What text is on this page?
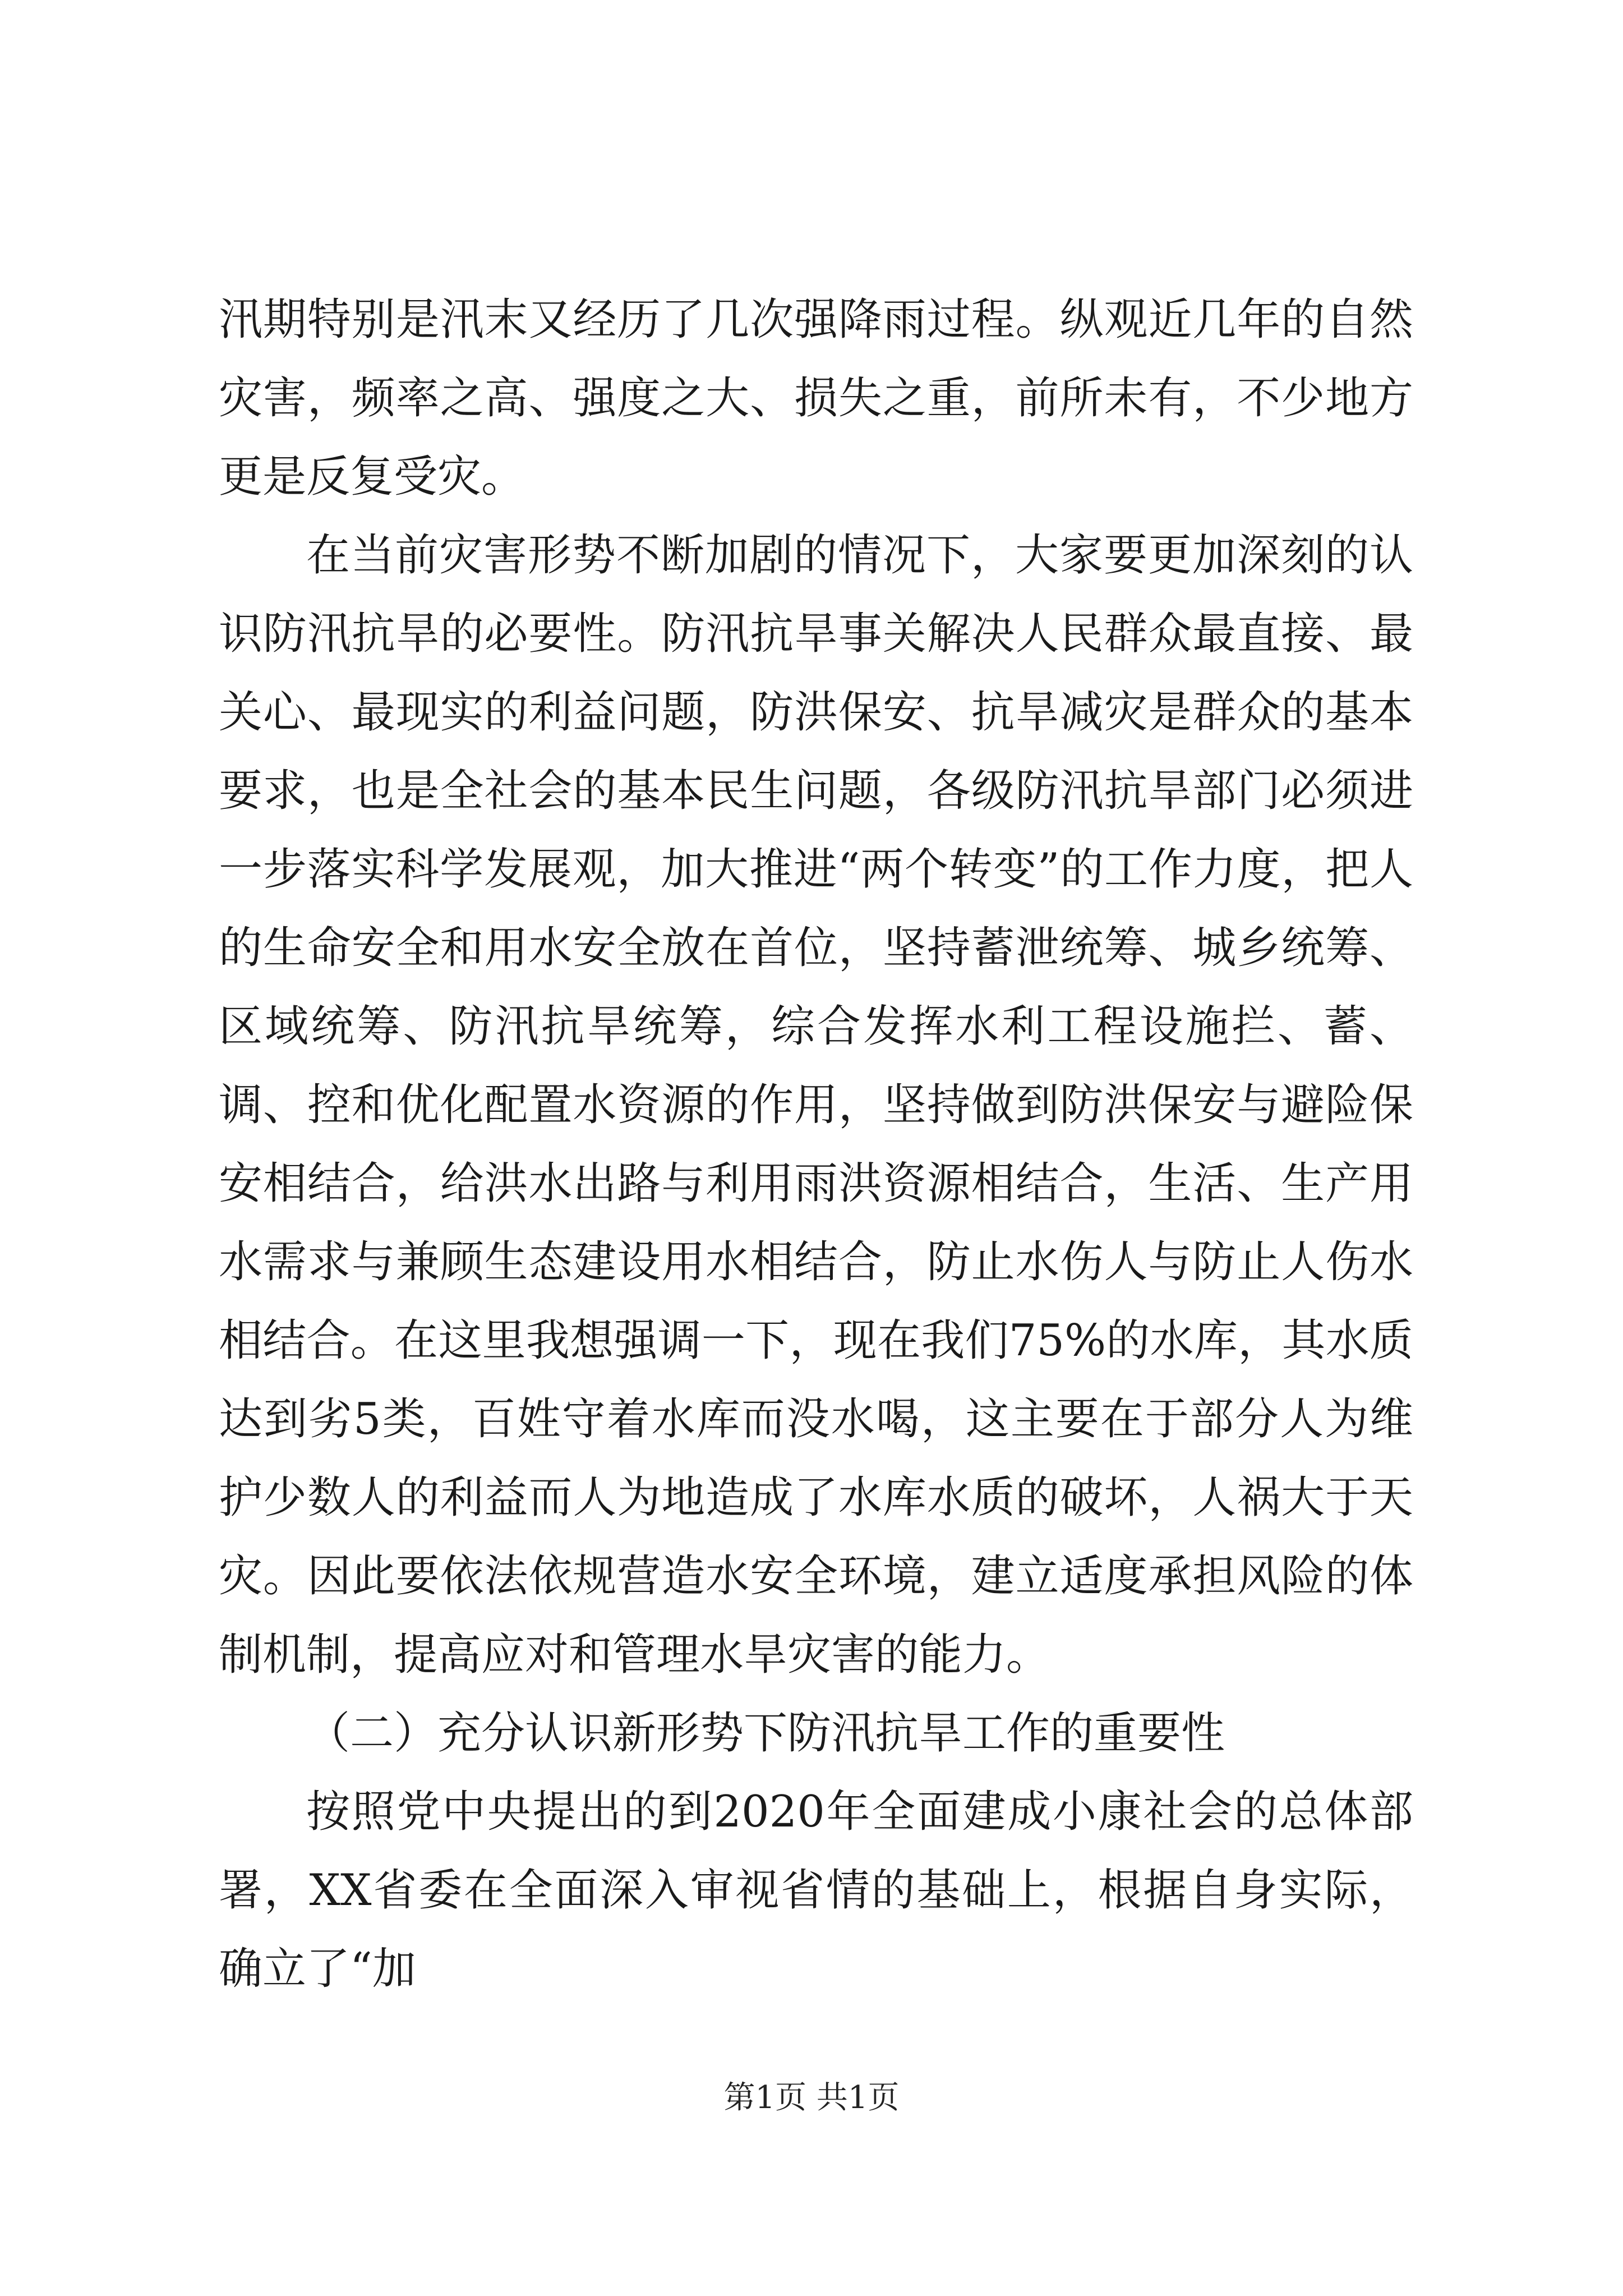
汛期特别是汛末又经历了几次强降雨过程。纵观近几年的自然灾害，频率之高、强度之大、损失之重，前所未有，不少地方更是反复受灾。

在当前灾害形势不断加剧的情况下，大家要更加深刻的认识防汛抗旱的必要性。防汛抗旱事关解决人民群众最直接、最关心、最现实的利益问题，防洪保安、抗旱减灾是群众的基本要求，也是全社会的基本民生问题，各级防汛抗旱部门必须进一步落实科学发展观，加大推进“两个转变”的工作力度，把人的生命安全和用水安全放在首位，坚持蓄泄统筹、城乡统筹、区域统筹、防汛抗旱统筹，综合发挥水利工程设施拦、蓄、调、控和优化配置水资源的作用，坚持做到防洪保安与避险保安相结合，给洪水出路与利用雨洪资源相结合，生活、生产用水需求与兼顾生态建设用水相结合，防止水伤人与防止人伤水相结合。在这里我想强调一下，现在我们75%的水库，其水质达到劣5类，百姓守着水库而没水喝，这主要在于部分人为维护少数人的利益而人为地造成了水库水质的破坏，人祸大于天灾。因此要依法依规营造水安全环境，建立适度承担风险的体制机制，提高应对和管理水旱灾害的能力。

（二）充分认识新形势下防汛抗旱工作的重要性

按照党中央提出的到2020年全面建成小康社会的总体部署，XX省委在全面深入审视省情的基础上，根据自身实际，确立了“加

第1页 共1页
